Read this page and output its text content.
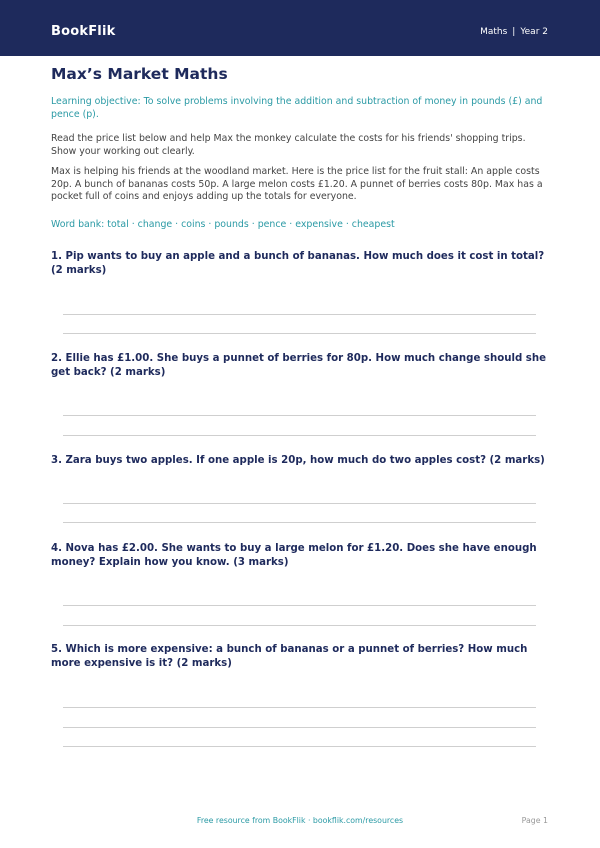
BookFlik	Maths | Year 2
Max’s Market Maths

Learning objective: To solve problems involving the addition and subtraction of money in pounds (£) and pence (p).

Read the price list below and help Max the monkey calculate the costs for his friends' shopping trips. Show your working out clearly.

Max is helping his friends at the woodland market. Here is the price list for the fruit stall: An apple costs 20p. A bunch of bananas costs 50p. A large melon costs £1.20. A punnet of berries costs 80p. Max has a pocket full of coins and enjoys adding up the totals for everyone.

Word bank: total · change · coins · pounds · pence · expensive · cheapest

1. Pip wants to buy an apple and a bunch of bananas. How much does it cost in total? (2 marks)

2. Ellie has £1.00. She buys a punnet of berries for 80p. How much change should she get back? (2 marks)

3. Zara buys two apples. If one apple is 20p, how much do two apples cost? (2 marks)

4. Nova has £2.00. She wants to buy a large melon for £1.20. Does she have enough money? Explain how you know. (3 marks)

5. Which is more expensive: a bunch of bananas or a punnet of berries? How much more expensive is it? (2 marks)

Free resource from BookFlik · bookflik.com/resources	Page 1
